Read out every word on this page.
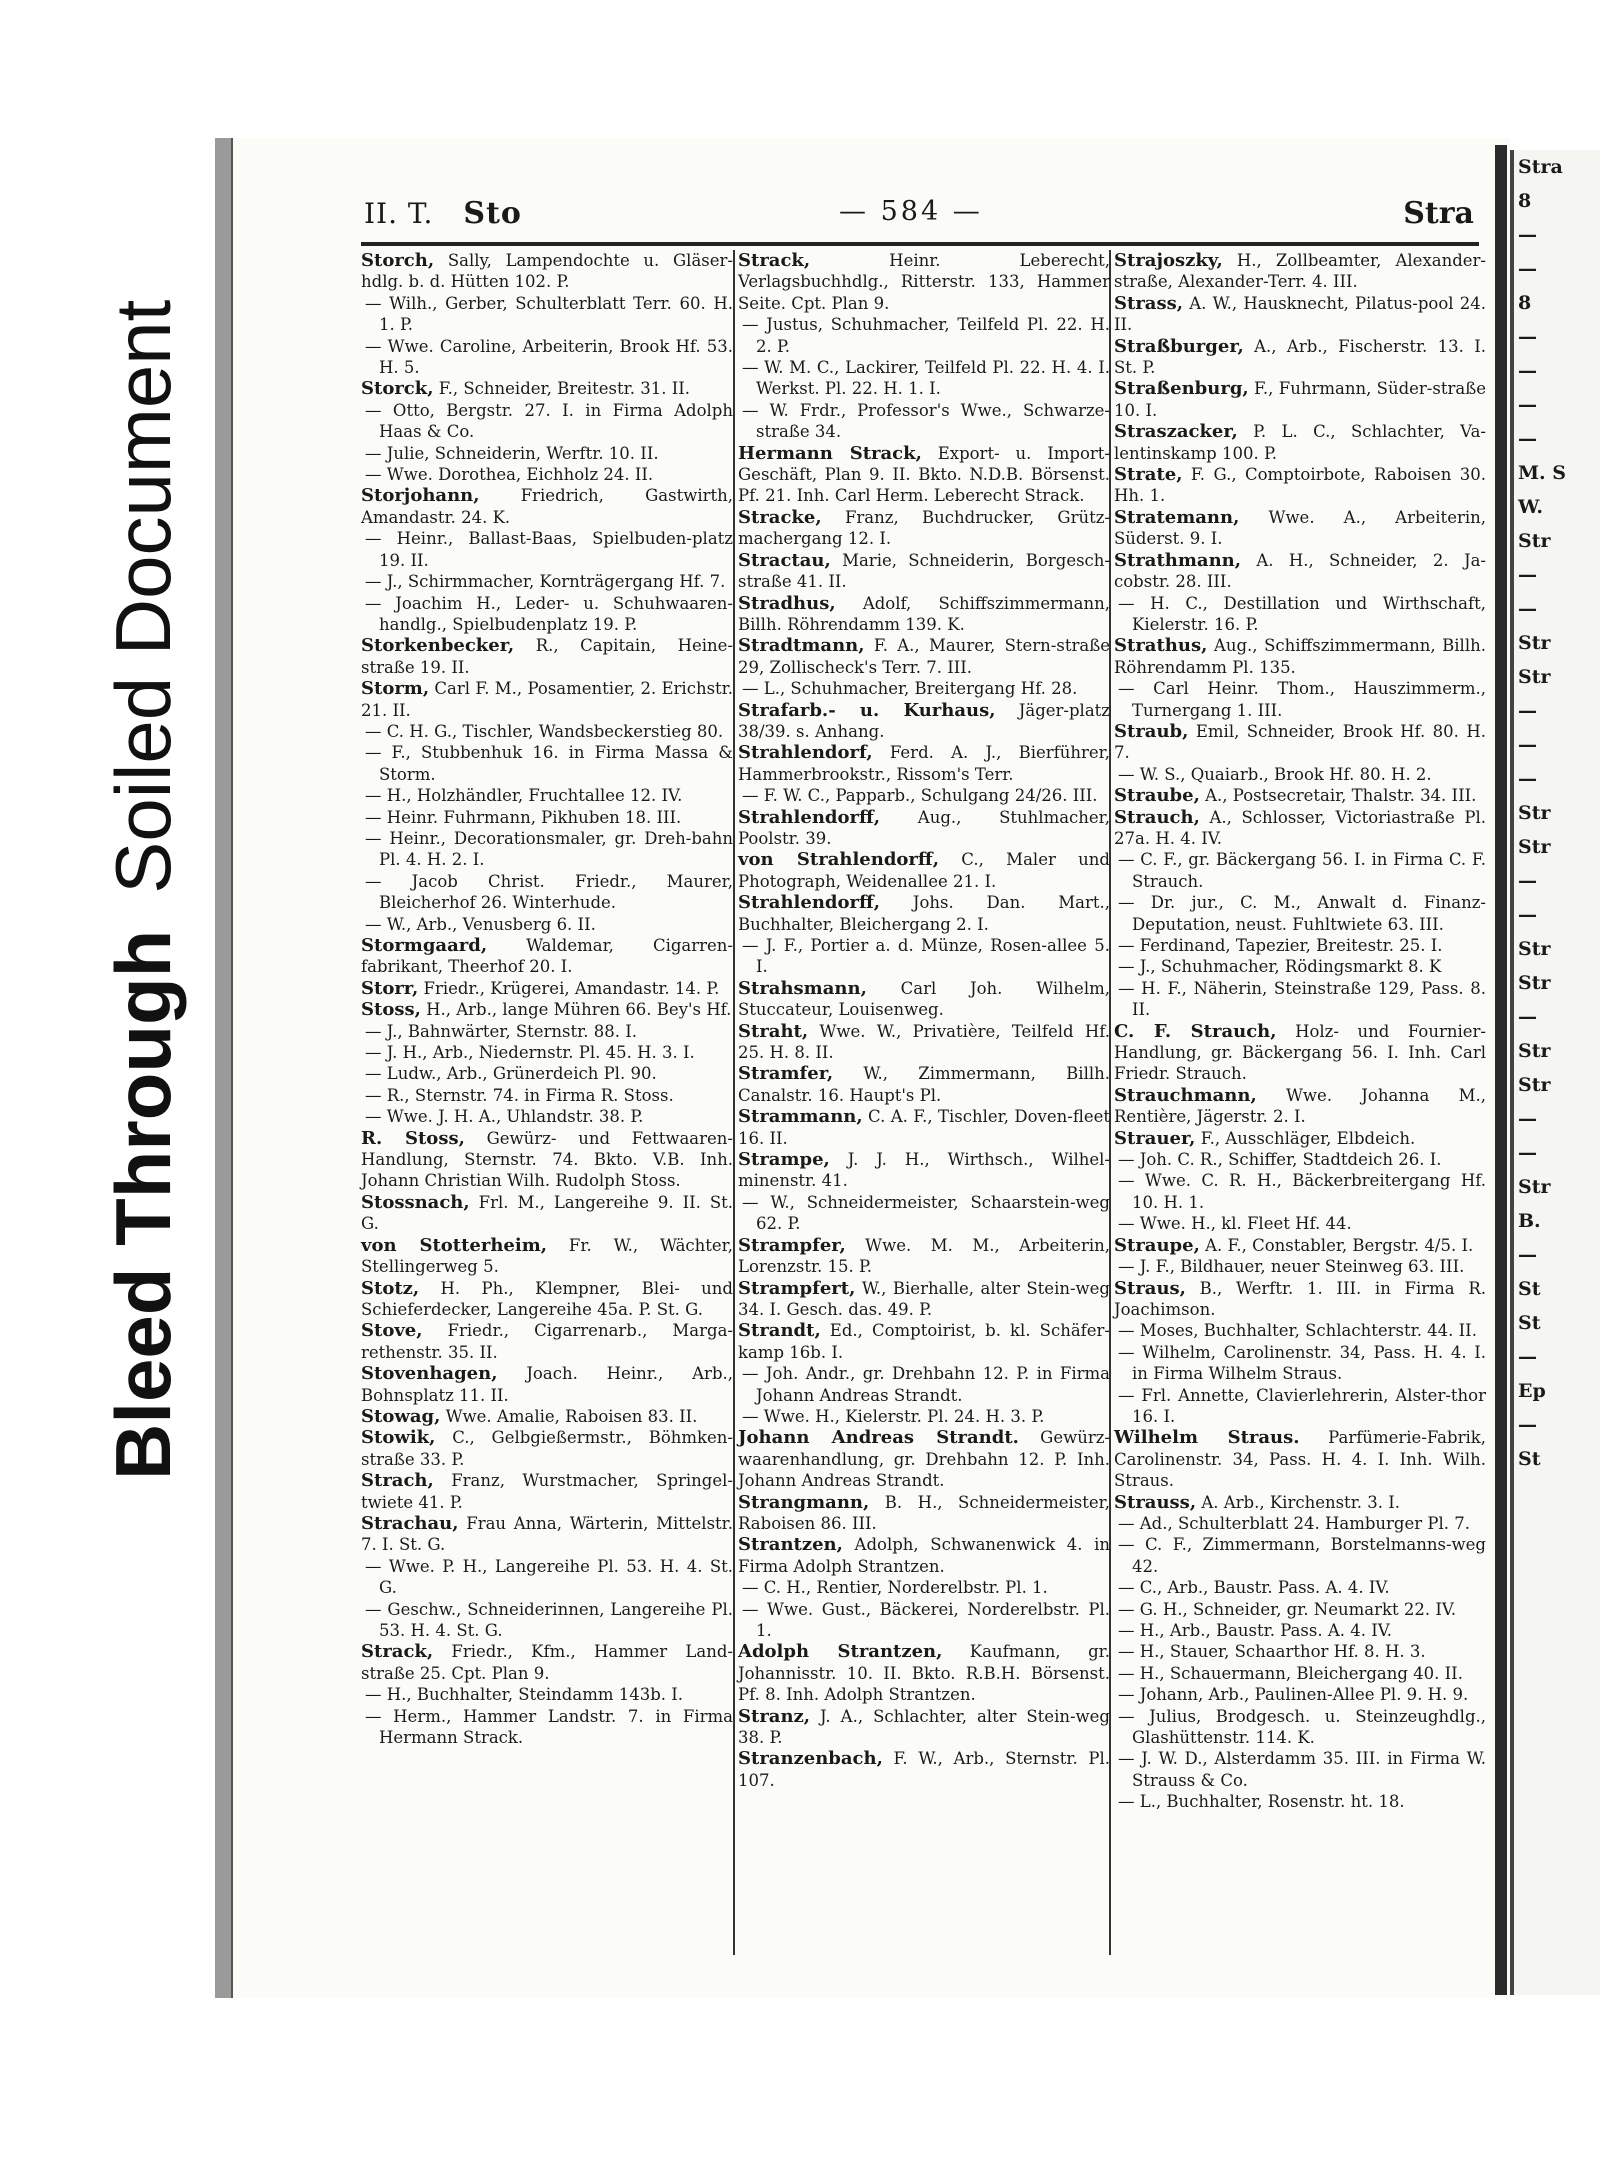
Bleed Through
Soiled Document
II. T. Sto	— 584 —	Stra
Storch, Sally, Lampendochte u. Gläser-hdlg. b. d. Hütten 102. P.
— Wilh., Gerber, Schulterblatt Terr. 60. H. 1. P.
— Wwe. Caroline, Arbeiterin, Brook Hf. 53. H. 5.
Storck, F., Schneider, Breitestr. 31. II.
— Otto, Bergstr. 27. I. in Firma Adolph Haas & Co.
— Julie, Schneiderin, Werftr. 10. II.
— Wwe. Dorothea, Eichholz 24. II.
Storjohann, Friedrich, Gastwirth, Amandastr. 24. K.
— Heinr., Ballast-Baas, Spielbuden-platz 19. II.
— J., Schirmmacher, Kornträgergang Hf. 7.
— Joachim H., Leder- u. Schuhwaaren-handlg., Spielbudenplatz 19. P.
Storkenbecker, R., Capitain, Heine-straße 19. II.
Storm, Carl F. M., Posamentier, 2. Erichstr. 21. II.
— C. H. G., Tischler, Wandsbeckerstieg 80.
— F., Stubbenhuk 16. in Firma Massa & Storm.
— H., Holzhändler, Fruchtallee 12. IV.
— Heinr. Fuhrmann, Pikhuben 18. III.
— Heinr., Decorationsmaler, gr. Dreh-bahn Pl. 4. H. 2. I.
— Jacob Christ. Friedr., Maurer, Bleicherhof 26. Winterhude.
— W., Arb., Venusberg 6. II.
Stormgaard, Waldemar, Cigarren-fabrikant, Theerhof 20. I.
Storr, Friedr., Krügerei, Amandastr. 14. P.
Stoss, H., Arb., lange Mühren 66. Bey's Hf.
— J., Bahnwärter, Sternstr. 88. I.
— J. H., Arb., Niedernstr. Pl. 45. H. 3. I.
— Ludw., Arb., Grünerdeich Pl. 90.
— R., Sternstr. 74. in Firma R. Stoss.
— Wwe. J. H. A., Uhlandstr. 38. P.
R. Stoss, Gewürz- und Fettwaaren-Handlung, Sternstr. 74. Bkto. V.B. Inh. Johann Christian Wilh. Rudolph Stoss.
Stossnach, Frl. M., Langereihe 9. II. St. G.
von Stotterheim, Fr. W., Wächter, Stellingerweg 5.
Stotz, H. Ph., Klempner, Blei- und Schieferdecker, Langereihe 45a. P. St. G.
Stove, Friedr., Cigarrenarb., Marga-rethenstr. 35. II.
Stovenhagen, Joach. Heinr., Arb., Bohnsplatz 11. II.
Stowag, Wwe. Amalie, Raboisen 83. II.
Stowik, C., Gelbgießermstr., Böhmken-straße 33. P.
Strach, Franz, Wurstmacher, Springel-twiete 41. P.
Strachau, Frau Anna, Wärterin, Mittelstr. 7. I. St. G.
— Wwe. P. H., Langereihe Pl. 53. H. 4. St. G.
— Geschw., Schneiderinnen, Langereihe Pl. 53. H. 4. St. G.
Strack, Friedr., Kfm., Hammer Land-straße 25. Cpt. Plan 9.
— H., Buchhalter, Steindamm 143b. I.
— Herm., Hammer Landstr. 7. in Firma Hermann Strack.
Strack, Heinr. Leberecht, Verlagsbuchhdlg., Ritterstr. 133, Hammer Seite. Cpt. Plan 9.
— Justus, Schuhmacher, Teilfeld Pl. 22. H. 2. P.
— W. M. C., Lackirer, Teilfeld Pl. 22. H. 4. I. Werkst. Pl. 22. H. 1. I.
— W. Frdr., Professor's Wwe., Schwarze-straße 34.
Hermann Strack, Export- u. Import-Geschäft, Plan 9. II. Bkto. N.D.B. Börsenst. Pf. 21. Inh. Carl Herm. Leberecht Strack.
Stracke, Franz, Buchdrucker, Grütz-machergang 12. I.
Stractau, Marie, Schneiderin, Borgesch-straße 41. II.
Stradhus, Adolf, Schiffszimmermann, Billh. Röhrendamm 139. K.
Stradtmann, F. A., Maurer, Stern-straße 29, Zollischeck's Terr. 7. III.
— L., Schuhmacher, Breitergang Hf. 28.
Strafarb.- u. Kurhaus, Jäger-platz 38/39. s. Anhang.
Strahlendorf, Ferd. A. J., Bierführer, Hammerbrookstr., Rissom's Terr.
— F. W. C., Papparb., Schulgang 24/26. III.
Strahlendorff, Aug., Stuhlmacher, Poolstr. 39.
von Strahlendorff, C., Maler und Photograph, Weidenallee 21. I.
Strahlendorff, Johs. Dan. Mart., Buchhalter, Bleichergang 2. I.
— J. F., Portier a. d. Münze, Rosen-allee 5. I.
Strahsmann, Carl Joh. Wilhelm, Stuccateur, Louisenweg.
Straht, Wwe. W., Privatière, Teilfeld Hf. 25. H. 8. II.
Stramfer, W., Zimmermann, Billh. Canalstr. 16. Haupt's Pl.
Strammann, C. A. F., Tischler, Doven-fleet 16. II.
Strampe, J. J. H., Wirthsch., Wilhel-minenstr. 41.
— W., Schneidermeister, Schaarstein-weg 62. P.
Strampfer, Wwe. M. M., Arbeiterin, Lorenzstr. 15. P.
Strampfert, W., Bierhalle, alter Stein-weg 34. I. Gesch. das. 49. P.
Strandt, Ed., Comptoirist, b. kl. Schäfer-kamp 16b. I.
— Joh. Andr., gr. Drehbahn 12. P. in Firma Johann Andreas Strandt.
— Wwe. H., Kielerstr. Pl. 24. H. 3. P.
Johann Andreas Strandt. Gewürz-waarenhandlung, gr. Drehbahn 12. P. Inh. Johann Andreas Strandt.
Strangmann, B. H., Schneidermeister, Raboisen 86. III.
Strantzen, Adolph, Schwanenwick 4. in Firma Adolph Strantzen.
— C. H., Rentier, Norderelbstr. Pl. 1.
— Wwe. Gust., Bäckerei, Norderelbstr. Pl. 1.
Adolph Strantzen, Kaufmann, gr. Johannisstr. 10. II. Bkto. R.B.H. Börsenst. Pf. 8. Inh. Adolph Strantzen.
Stranz, J. A., Schlachter, alter Stein-weg 38. P.
Stranzenbach, F. W., Arb., Sternstr. Pl. 107.
Strajoszky, H., Zollbeamter, Alexander-straße, Alexander-Terr. 4. III.
Strass, A. W., Hausknecht, Pilatus-pool 24. II.
Straßburger, A., Arb., Fischerstr. 13. I. St. P.
Straßenburg, F., Fuhrmann, Süder-straße 10. I.
Straszacker, P. L. C., Schlachter, Va-lentinskamp 100. P.
Strate, F. G., Comptoirbote, Raboisen 30. Hh. 1.
Stratemann, Wwe. A., Arbeiterin, Süderst. 9. I.
Strathmann, A. H., Schneider, 2. Ja-cobstr. 28. III.
— H. C., Destillation und Wirthschaft, Kielerstr. 16. P.
Strathus, Aug., Schiffszimmermann, Billh. Röhrendamm Pl. 135.
— Carl Heinr. Thom., Hauszimmerm., Turnergang 1. III.
Straub, Emil, Schneider, Brook Hf. 80. H. 7.
— W. S., Quaiarb., Brook Hf. 80. H. 2.
Straube, A., Postsecretair, Thalstr. 34. III.
Strauch, A., Schlosser, Victoriastraße Pl. 27a. H. 4. IV.
— C. F., gr. Bäckergang 56. I. in Firma C. F. Strauch.
— Dr. jur., C. M., Anwalt d. Finanz-Deputation, neust. Fuhltwiete 63. III.
— Ferdinand, Tapezier, Breitestr. 25. I.
— J., Schuhmacher, Rödingsmarkt 8. K
— H. F., Näherin, Steinstraße 129, Pass. 8. II.
C. F. Strauch, Holz- und Fournier-Handlung, gr. Bäckergang 56. I. Inh. Carl Friedr. Strauch.
Strauchmann, Wwe. Johanna M., Rentière, Jägerstr. 2. I.
Strauer, F., Ausschläger, Elbdeich.
— Joh. C. R., Schiffer, Stadtdeich 26. I.
— Wwe. C. R. H., Bäckerbreitergang Hf. 10. H. 1.
— Wwe. H., kl. Fleet Hf. 44.
Straupe, A. F., Constabler, Bergstr. 4/5. I.
— J. F., Bildhauer, neuer Steinweg 63. III.
Straus, B., Werftr. 1. III. in Firma R. Joachimson.
— Moses, Buchhalter, Schlachterstr. 44. II.
— Wilhelm, Carolinenstr. 34, Pass. H. 4. I. in Firma Wilhelm Straus.
— Frl. Annette, Clavierlehrerin, Alster-thor 16. I.
Wilhelm Straus. Parfümerie-Fabrik, Carolinenstr. 34, Pass. H. 4. I. Inh. Wilh. Straus.
Strauss, A. Arb., Kirchenstr. 3. I.
— Ad., Schulterblatt 24. Hamburger Pl. 7.
— C. F., Zimmermann, Borstelmanns-weg 42.
— C., Arb., Baustr. Pass. A. 4. IV.
— G. H., Schneider, gr. Neumarkt 22. IV.
— H., Arb., Baustr. Pass. A. 4. IV.
— H., Stauer, Schaarthor Hf. 8. H. 3.
— H., Schauermann, Bleichergang 40. II.
— Johann, Arb., Paulinen-Allee Pl. 9. H. 9.
— Julius, Brodgesch. u. Steinzeughdlg., Glashüttenstr. 114. K.
— J. W. D., Alsterdamm 35. III. in Firma W. Strauss & Co.
— L., Buchhalter, Rosenstr. ht. 18.
Stra
8
—
—
8
—
—
—
—
M. S
W.
Str
—
—
Str
Str
—
—
—
Str
Str
—
—
Str
Str
—
Str
Str
—
—
Str
B.
—
St
St
—
Ep
—
St
